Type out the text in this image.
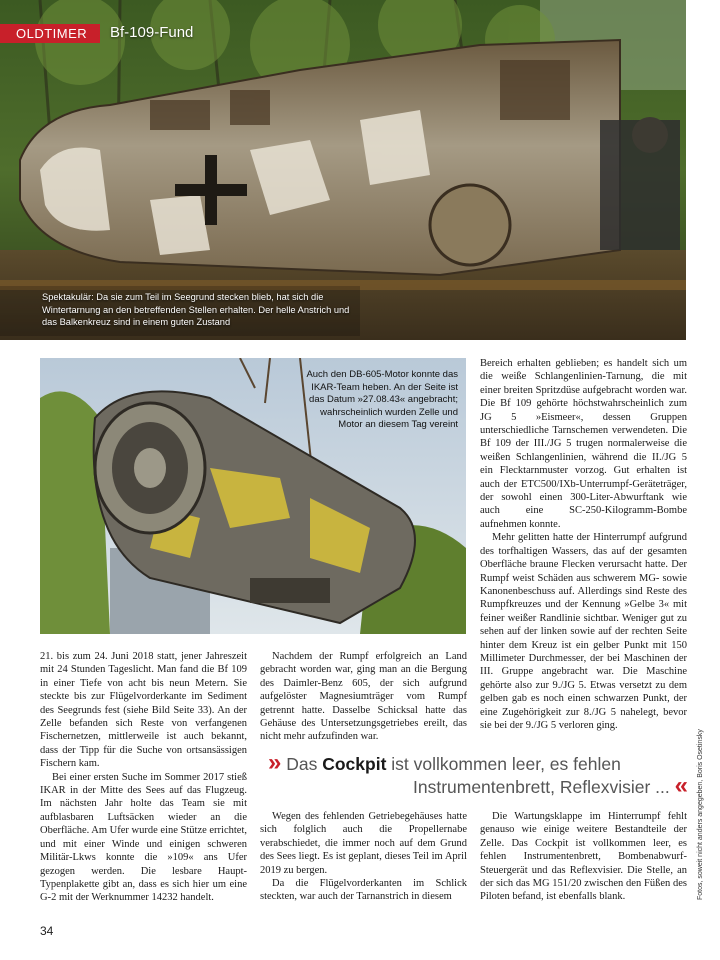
OLDTIMER	Bf-109-Fund
Spektakulär: Da sie zum Teil im Seegrund stecken blieb, hat sich die Wintertarnung an den betreffenden Stellen erhalten. Der helle Anstrich und das Balkenkreuz sind in einem guten Zustand
Auch den DB-605-Motor konnte das IKAR-Team heben. An der Seite ist das Datum »27.08.43« angebracht; wahrscheinlich wurden Zelle und Motor an diesem Tag vereint

Bereich erhalten geblieben; es handelt sich um die weiße Schlangenlinien-Tarnung, die mit einer breiten Spritzdüse aufgebracht worden war. Die Bf 109 gehörte höchstwahrscheinlich zum JG 5 »Eismeer«, dessen Gruppen unterschiedliche Tarnschemen verwendeten. Die Bf 109 der III./JG 5 trugen normalerweise die weißen Schlangenlinien, während die II./JG 5 ein Flecktarnmuster vorzog. Gut erhalten ist auch der ETC500/IXb-Unterrumpf-Geräteträger, der sowohl einen 300-Liter-Abwurftank wie auch eine SC-250-Kilogramm-Bombe aufnehmen konnte.

Mehr gelitten hatte der Hinterrumpf aufgrund des torfhaltigen Wassers, das auf der gesamten Oberfläche braune Flecken verursacht hatte. Der Rumpf weist Schäden aus schwerem MG- sowie Kanonenbeschuss auf. Allerdings sind Reste des Rumpfkreuzes und der Kennung »Gelbe 3« mit feiner weißer Randlinie sichtbar. Weniger gut zu sehen auf der linken sowie auf der rechten Seite hinter dem Kreuz ist ein gelber Punkt mit 150 Millimeter Durchmesser, der bei Maschinen der III. Gruppe angebracht war. Die Maschine gehörte also zur 9./JG 5. Etwas versetzt zu dem gelben gab es noch einen schwarzen Punkt, der eine Zugehörigkeit zur 8./JG 5 nahelegt, bevor sie bei der 9./JG 5 verloren ging.

21. bis zum 24. Juni 2018 statt, jener Jahreszeit mit 24 Stunden Tageslicht. Man fand die Bf 109 in einer Tiefe von acht bis neun Metern. Sie steckte bis zur Flügelvorderkante im Sediment des Seegrunds fest (siehe Bild Seite 33). An der Zelle befanden sich Reste von verfangenen Fischernetzen, mittlerweile ist auch bekannt, dass der Tipp für die Suche von ortsansässigen Fischern kam.

Bei einer ersten Suche im Sommer 2017 stieß IKAR in der Mitte des Sees auf das Flugzeug. Im nächsten Jahr holte das Team sie mit aufblasbaren Luftsäcken wieder an die Oberfläche. Am Ufer wurde eine Stütze errichtet, und mit einer Winde und einigen schweren Militär-Lkws konnte die »109« ans Ufer gezogen werden. Die lesbare Haupt-Typenplakette gibt an, dass es sich hier um eine G-2 mit der Werknummer 14232 handelt.

Nachdem der Rumpf erfolgreich an Land gebracht worden war, ging man an die Bergung des Daimler-Benz 605, der sich aufgrund aufgelöster Magnesiumträger vom Rumpf getrennt hatte. Dasselbe Schicksal hatte das Gehäuse des Untersetzungsgetriebes ereilt, das nicht mehr aufzufinden war.

» Das Cockpit ist vollkommen leer, es fehlen
Instrumentenbrett, Reflexvisier ... «

Wegen des fehlenden Getriebegehäuses hatte sich folglich auch die Propellernabe verabschiedet, die immer noch auf dem Grund des Sees liegt. Es ist geplant, dieses Teil im April 2019 zu bergen.

Da die Flügelvorderkanten im Schlick steckten, war auch der Tarnanstrich in diesem

Die Wartungsklappe im Hinterrumpf fehlt genauso wie einige weitere Bestandteile der Zelle. Das Cockpit ist vollkommen leer, es fehlen Instrumentenbrett, Bombenabwurf-Steuergerät und das Reflexvisier. Die Stelle, an der sich das MG 151/20 zwischen den Füßen des Piloten befand, ist ebenfalls blank.	Fotos, soweit nicht anders angegeben, Boris Osetinsky
34
